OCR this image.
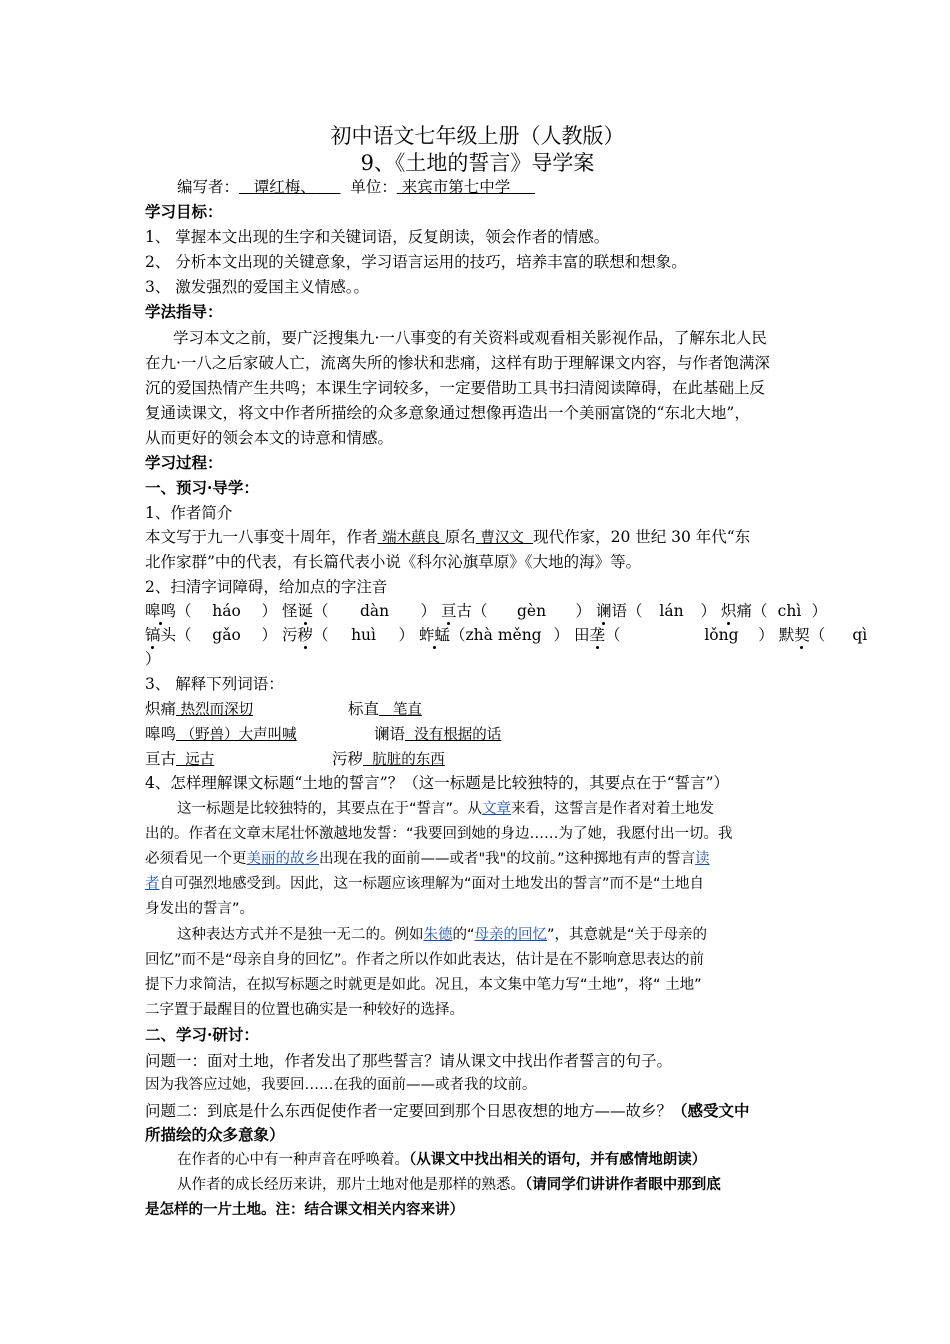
初中语文七年级上册（人教版）
9、《土地的誓言》导学案
编写者： 谭红梅、 单位： 来宾市第七中学
学习目标：
1、 掌握本文出现的生字和关键词语，反复朗读，领会作者的情感。
2、 分析本文出现的关键意象，学习语言运用的技巧，培养丰富的联想和想象。
3、 激发强烈的爱国主义情感。。
学法指导：
学习本文之前，要广泛搜集九·一八事变的有关资料或观看相关影视作品，了解东北人民
在九·一八之后家破人亡，流离失所的惨状和悲痛，这样有助于理解课文内容，与作者饱满深
沉的爱国热情产生共鸣；本课生字词较多，一定要借助工具书扫清阅读障碍，在此基础上反
复通读课文，将文中作者所描绘的众多意象通过想像再造出一个美丽富饶的“东北大地”，
从而更好的领会本文的诗意和情感。
学习过程：
一、预习·导学：
1、作者简介
本文写于九一八事变十周年，作者 端木蕻良 原名 曹汉文 现代作家，20 世纪 30 年代“东
北作家群”中的代表，有长篇代表小说《科尔沁旗草原》《大地的海》等。
2、扫清字词障碍，给加点的字注音
嗥鸣（ háo ） 怪诞（ dàn ） 亘古（ gèn ） 谰语（ lán ） 炽痛（ chì ）
镐头（ gǎo ） 污秽（ huì ） 蚱蜢（zhà měng ） 田垄（	lǒng ） 默契（ qì
）
3、 解释下列词语：
炽痛 热烈而深切	标直 笔直
嗥鸣 （野兽）大声叫喊	谰语 没有根据的话
亘古 远古	污秽 肮脏的东西
4、怎样理解课文标题“土地的誓言”？（这一标题是比较独特的，其要点在于“誓言”）
这一标题是比较独特的，其要点在于“誓言”。从文章来看，这誓言是作者对着土地发
出的。作者在文章末尾壮怀激越地发誓：“我要回到她的身边……为了她，我愿付出一切。我
必须看见一个更美丽的故乡出现在我的面前——或者"我"的坟前。”这种掷地有声的誓言读
者自可强烈地感受到。因此，这一标题应该理解为“面对土地发出的誓言”而不是“土地自
身发出的誓言”。
这种表达方式并不是独一无二的。例如朱德的“母亲的回忆”，其意就是“关于母亲的
回忆”而不是“母亲自身的回忆”。作者之所以作如此表达，估计是在不影响意思表达的前
提下力求简洁，在拟写标题之时就更是如此。况且，本文集中笔力写“土地”，将“ 土地”
二字置于最醒目的位置也确实是一种较好的选择。
二、学习·研讨：
问题一：面对土地，作者发出了那些誓言？请从课文中找出作者誓言的句子。
因为我答应过她，我要回……在我的面前——或者我的坟前。
问题二：到底是什么东西促使作者一定要回到那个日思夜想的地方——故乡？（感受文中
所描绘的众多意象）
在作者的心中有一种声音在呼唤着。（从课文中找出相关的语句，并有感情地朗读）
从作者的成长经历来讲，那片土地对他是那样的熟悉。（请同学们讲讲作者眼中那到底
是怎样的一片土地。注：结合课文相关内容来讲）
